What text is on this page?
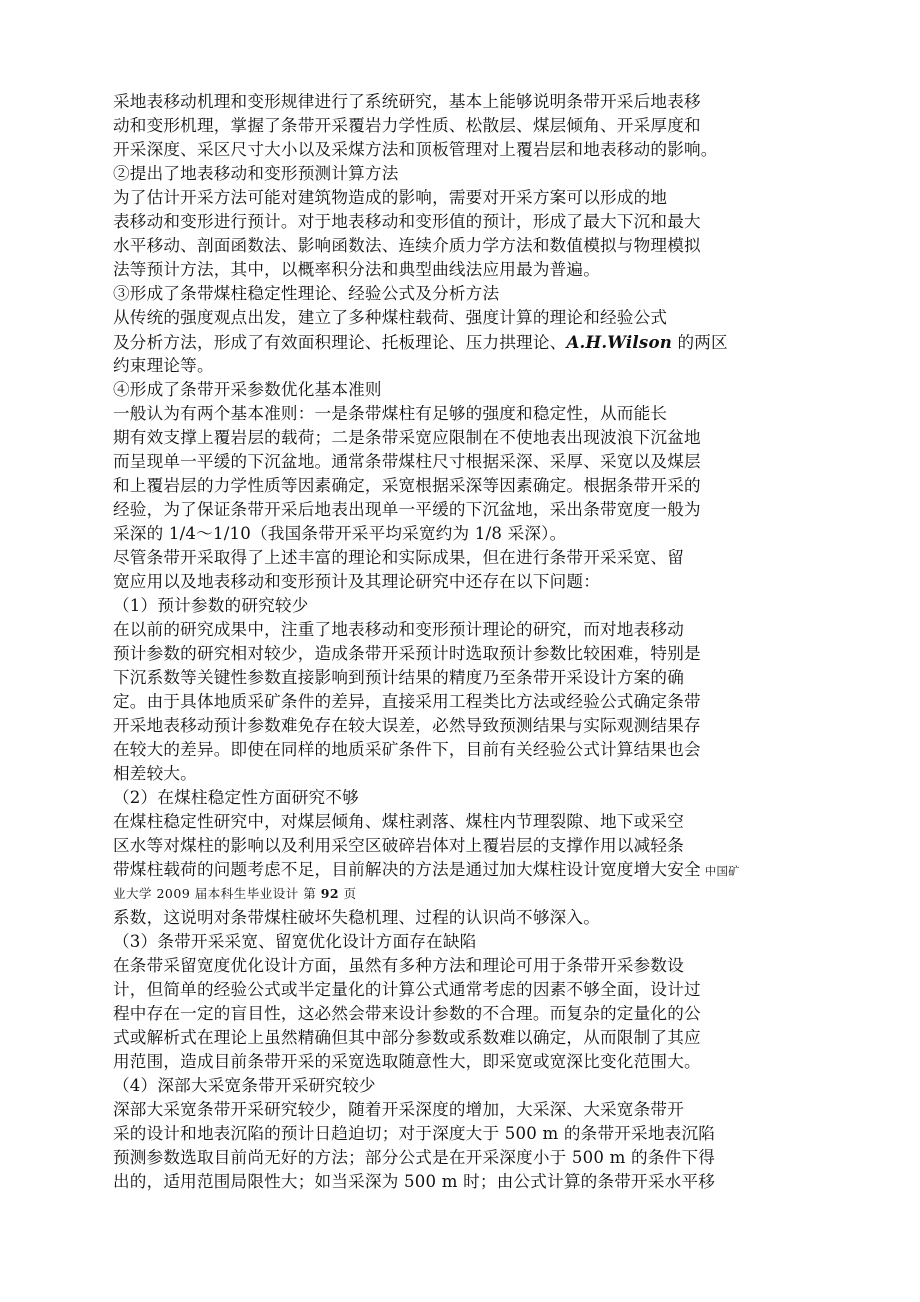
采地表移动机理和变形规律进行了系统研究，基本上能够说明条带开采后地表移
动和变形机理，掌握了条带开采覆岩力学性质、松散层、煤层倾角、开采厚度和
开采深度、采区尺寸大小以及采煤方法和顶板管理对上覆岩层和地表移动的影响。
②提出了地表移动和变形预测计算方法
为了估计开采方法可能对建筑物造成的影响，需要对开采方案可以形成的地
表移动和变形进行预计。对于地表移动和变形值的预计，形成了最大下沉和最大
水平移动、剖面函数法、影响函数法、连续介质力学方法和数值模拟与物理模拟
法等预计方法，其中，以概率积分法和典型曲线法应用最为普遍。
③形成了条带煤柱稳定性理论、经验公式及分析方法
从传统的强度观点出发，建立了多种煤柱载荷、强度计算的理论和经验公式
及分析方法，形成了有效面积理论、托板理论、压力拱理论、A.H.Wilson 的两区
约束理论等。
④形成了条带开采参数优化基本准则
一般认为有两个基本准则：一是条带煤柱有足够的强度和稳定性，从而能长
期有效支撑上覆岩层的载荷；二是条带采宽应限制在不使地表出现波浪下沉盆地
而呈现单一平缓的下沉盆地。通常条带煤柱尺寸根据采深、采厚、采宽以及煤层
和上覆岩层的力学性质等因素确定，采宽根据采深等因素确定。根据条带开采的
经验，为了保证条带开采后地表出现单一平缓的下沉盆地，采出条带宽度一般为
采深的 1/4～1/10（我国条带开采平均采宽约为 1/8 采深）。
尽管条带开采取得了上述丰富的理论和实际成果，但在进行条带开采采宽、留
宽应用以及地表移动和变形预计及其理论研究中还存在以下问题：
（1）预计参数的研究较少
在以前的研究成果中，注重了地表移动和变形预计理论的研究，而对地表移动
预计参数的研究相对较少，造成条带开采预计时选取预计参数比较困难，特别是
下沉系数等关键性参数直接影响到预计结果的精度乃至条带开采设计方案的确
定。由于具体地质采矿条件的差异，直接采用工程类比方法或经验公式确定条带
开采地表移动预计参数难免存在较大误差，必然导致预测结果与实际观测结果存
在较大的差异。即使在同样的地质采矿条件下，目前有关经验公式计算结果也会
相差较大。
（2）在煤柱稳定性方面研究不够
在煤柱稳定性研究中，对煤层倾角、煤柱剥落、煤柱内节理裂隙、地下或采空
区水等对煤柱的影响以及利用采空区破碎岩体对上覆岩层的支撑作用以减轻条
带煤柱载荷的问题考虑不足，目前解决的方法是通过加大煤柱设计宽度增大安全 中国矿
业大学 2009 届本科生毕业设计 第 92 页
系数，这说明对条带煤柱破坏失稳机理、过程的认识尚不够深入。
（3）条带开采采宽、留宽优化设计方面存在缺陷
在条带采留宽度优化设计方面，虽然有多种方法和理论可用于条带开采参数设
计，但简单的经验公式或半定量化的计算公式通常考虑的因素不够全面，设计过
程中存在一定的盲目性，这必然会带来设计参数的不合理。而复杂的定量化的公
式或解析式在理论上虽然精确但其中部分参数或系数难以确定，从而限制了其应
用范围，造成目前条带开采的采宽选取随意性大，即采宽或宽深比变化范围大。
（4）深部大采宽条带开采研究较少
深部大采宽条带开采研究较少，随着开采深度的增加，大采深、大采宽条带开
采的设计和地表沉陷的预计日趋迫切；对于深度大于 500 m 的条带开采地表沉陷
预测参数选取目前尚无好的方法；部分公式是在开采深度小于 500 m 的条件下得
出的，适用范围局限性大；如当采深为 500 m 时；由公式计算的条带开采水平移
